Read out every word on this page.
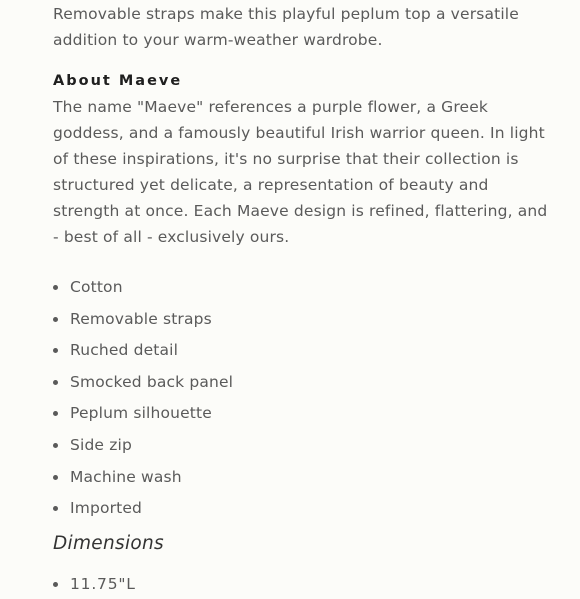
Removable straps make this playful peplum top a versatile addition to your warm-weather wardrobe.

About Maeve

The name "Maeve" references a purple flower, a Greek goddess, and a famously beautiful Irish warrior queen. In light of these inspirations, it's no surprise that their collection is structured yet delicate, a representation of beauty and strength at once. Each Maeve design is refined, flattering, and - best of all - exclusively ours.

Cotton
Removable straps
Ruched detail
Smocked back panel
Peplum silhouette
Side zip
Machine wash
Imported
Dimensions
11.75"L
